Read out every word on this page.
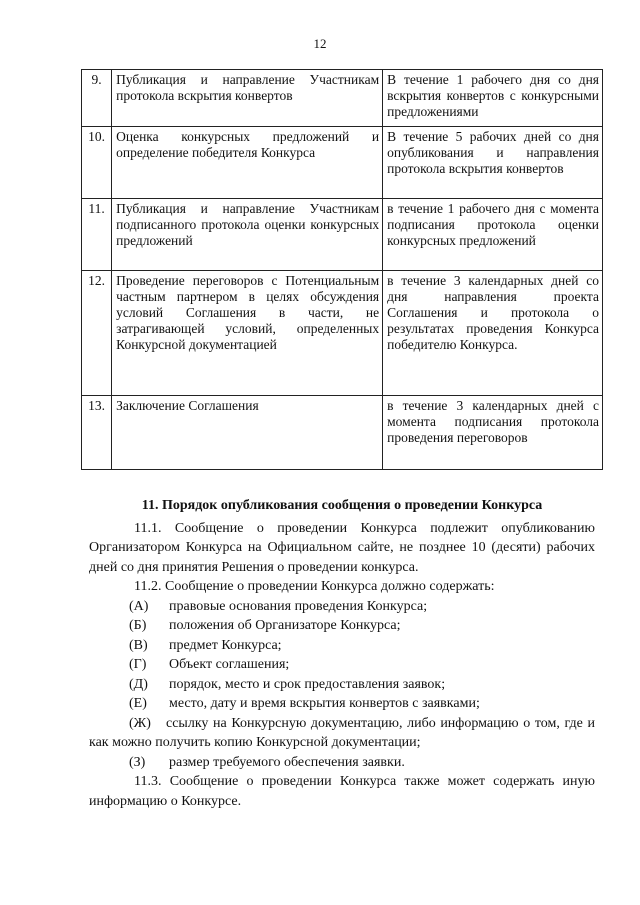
12
9.	Публикация и направление Участникам протокола вскрытия конвертов	В течение 1 рабочего дня со дня вскрытия конвертов с конкурсными предложениями

10.	Оценка конкурсных предложений и определение победителя Конкурса	В течение 5 рабочих дней со дня опубликования и направления протокола вскрытия конвертов

11.	Публикация и направление Участникам подписанного протокола оценки конкурсных предложений	в течение 1 рабочего дня с момента подписания протокола оценки конкурсных предложений

12.	Проведение переговоров с Потенциальным частным партнером в целях обсуждения условий Соглашения в части, не затрагивающей условий, определенных Конкурсной документацией	в течение 3 календарных дней со дня направления проекта Соглашения и протокола о результатах проведения Конкурса победителю Конкурса.

13.	Заключение Соглашения	в течение 3 календарных дней с момента подписания протокола проведения переговоров
11. Порядок опубликования сообщения о проведении Конкурса

11.1. Сообщение о проведении Конкурса подлежит опубликованию Организатором Конкурса на Официальном сайте, не позднее 10 (десяти) рабочих дней со дня принятия Решения о проведении конкурса.

11.2. Сообщение о проведении Конкурса должно содержать:

(А)	правовые основания проведения Конкурса;
(Б)	положения об Организаторе Конкурса;
(В)	предмет Конкурса;
(Г)	Объект соглашения;
(Д)	порядок, место и срок предоставления заявок;
(Е)	место, дату и время вскрытия конвертов с заявками;

(Ж) ссылку на Конкурсную документацию, либо информацию о том, где и как можно получить копию Конкурсной документации;

(З)	размер требуемого обеспечения заявки.

11.3. Сообщение о проведении Конкурса также может содержать иную информацию о Конкурсе.
